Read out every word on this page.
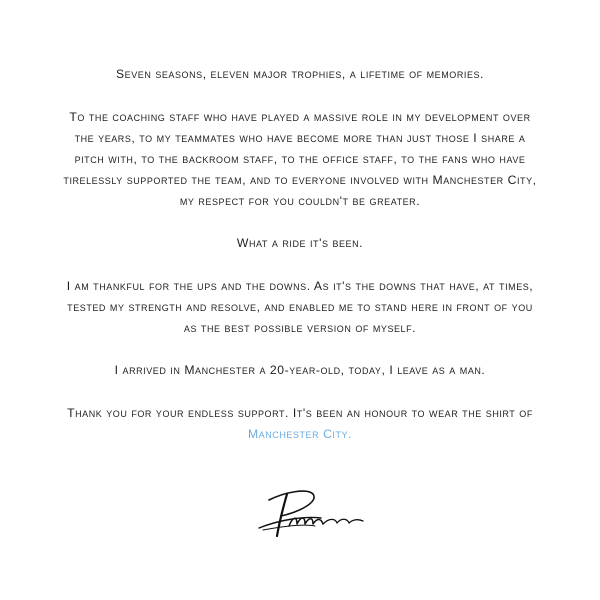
Seven seasons, eleven major trophies, a lifetime of memories.

To the coaching staff who have played a massive role in my development over
the years, to my teammates who have become more than just those I share a
pitch with, to the backroom staff, to the office staff, to the fans who have
tirelessly supported the team, and to everyone involved with Manchester City,
my respect for you couldn't be greater.

What a ride it's been.

I am thankful for the ups and the downs. As it's the downs that have, at times,
tested my strength and resolve, and enabled me to stand here in front of you
as the best possible version of myself.

I arrived in Manchester a 20-year-old, today, I leave as a man.

Thank you for your endless support. It's been an honour to wear the shirt of
Manchester City.
